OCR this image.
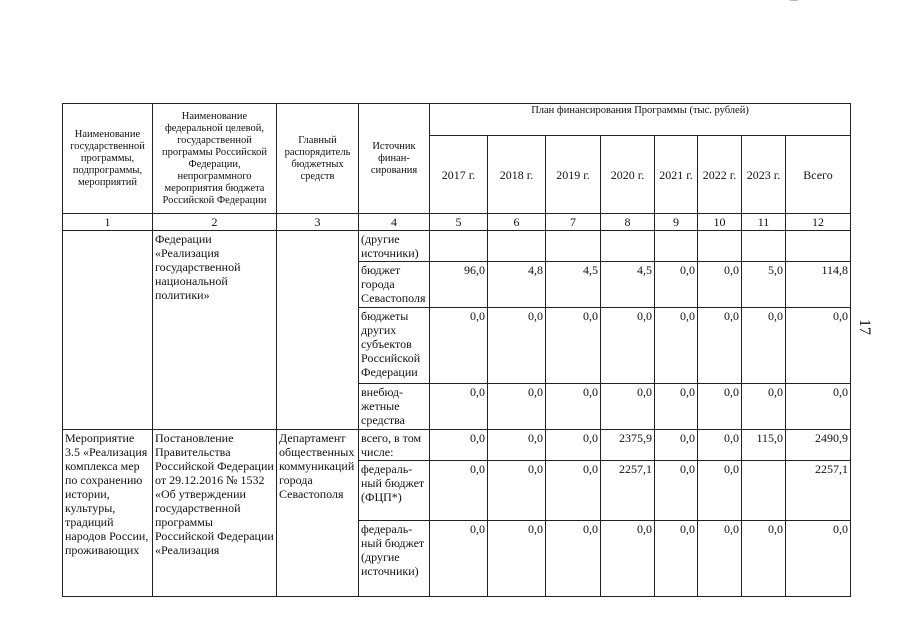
Наименование государственной программы, подпрограммы, мероприятий	Наименование федеральной целевой, государственной программы Российской Федерации, непрограммного мероприятия бюджета Российской Федерации	Главный распорядитель бюджетных средств	Источник финан-сирования	План финансирования Программы (тыс. рублей)							
				2017 г.	2018 г.	2019 г.	2020 г.	2021 г.	2022 г.	2023 г.	Всего
1	2	3	4	5	6	7	8	9	10	11	12
	Федерации «Реализация государственной национальной политики»		(другие источники)								
			бюджет города Севастополя	96,0	4,8	4,5	4,5	0,0	0,0	5,0	114,8
			бюджеты других субъектов Российской Федерации	0,0	0,0	0,0	0,0	0,0	0,0	0,0	0,0
			внебюд-жетные средства	0,0	0,0	0,0	0,0	0,0	0,0	0,0	0,0
Мероприятие 3.5 «Реализация комплекса мер по сохранению истории, культуры, традиций народов России, проживающих	Постановление Правительства Российской Федерации от 29.12.2016 № 1532 «Об утверждении государственной программы Российской Федерации «Реализация	Департамент общественных коммуникаций города Севастополя	всего, в том числе:	0,0	0,0	0,0	2375,9	0,0	0,0	115,0	2490,9
			федераль-ный бюджет (ФЦП*)	0,0	0,0	0,0	2257,1	0,0	0,0		2257,1
			федераль-ный бюджет (другие источники)	0,0	0,0	0,0	0,0	0,0	0,0	0,0	0,0
17
